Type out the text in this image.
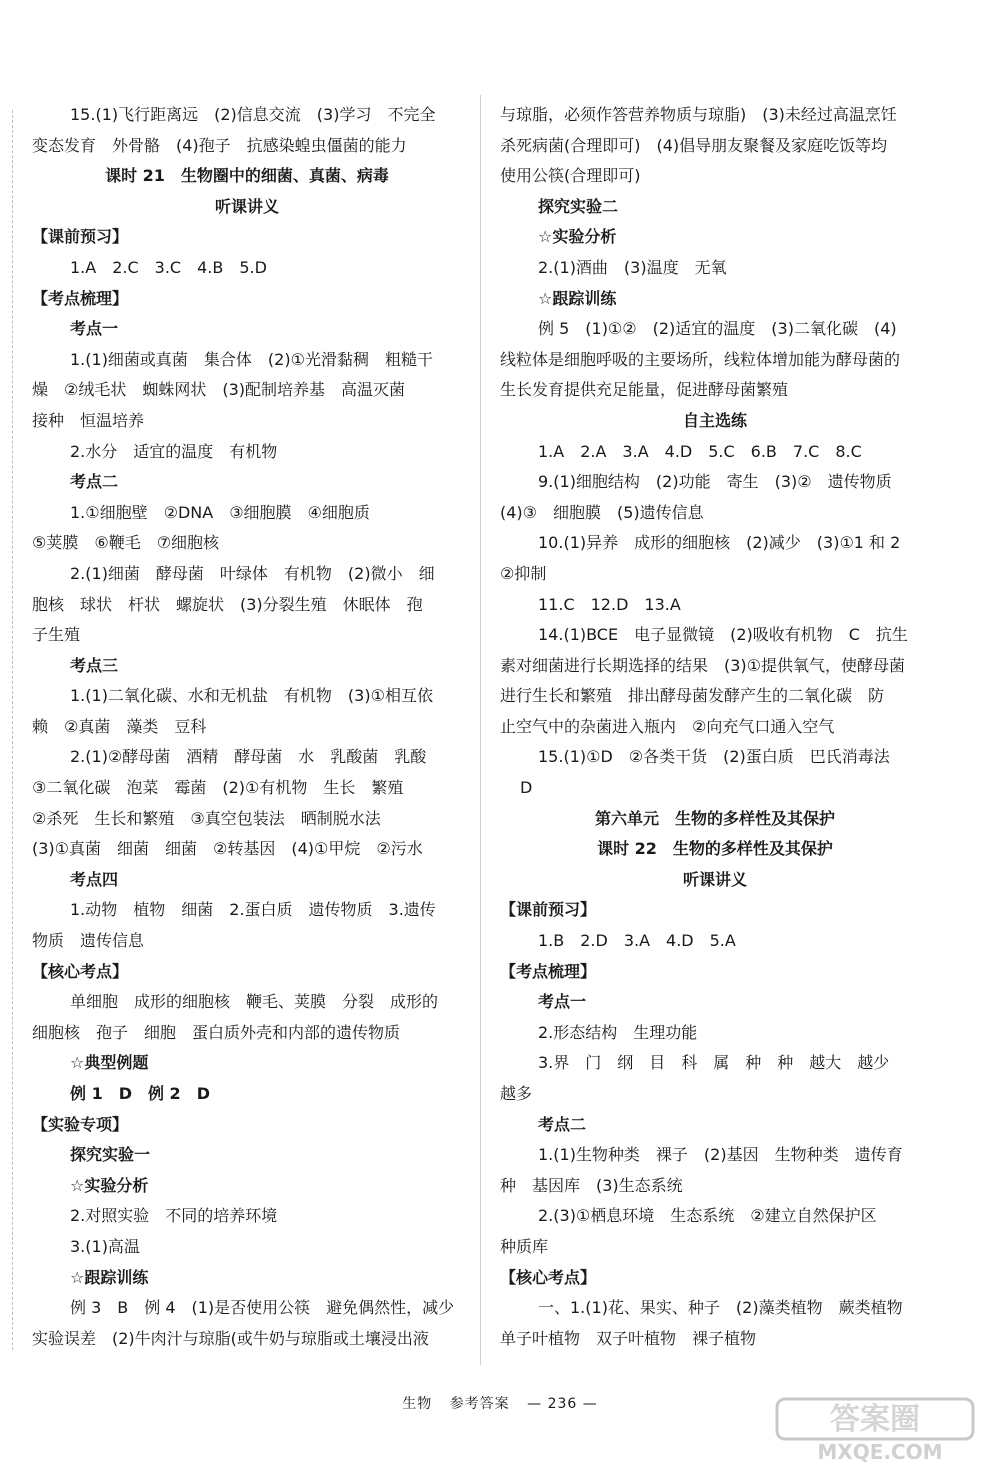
15.(1)飞行距离远　(2)信息交流　(3)学习　不完全
变态发育　外骨骼　(4)孢子　抗感染蝗虫僵菌的能力
课时 21　生物圈中的细菌、真菌、病毒
听课讲义
【课前预习】
1.A　2.C　3.C　4.B　5.D
【考点梳理】
考点一
1.(1)细菌或真菌　集合体　(2)①光滑黏稠　粗糙干
燥　②绒毛状　蜘蛛网状　(3)配制培养基　高温灭菌
接种　恒温培养
2.水分　适宜的温度　有机物
考点二
1.①细胞壁　②DNA　③细胞膜　④细胞质
⑤荚膜　⑥鞭毛　⑦细胞核
2.(1)细菌　酵母菌　叶绿体　有机物　(2)微小　细
胞核　球状　杆状　螺旋状　(3)分裂生殖　休眠体　孢
子生殖
考点三
1.(1)二氧化碳、水和无机盐　有机物　(3)①相互依
赖　②真菌　藻类　豆科
2.(1)②酵母菌　酒精　酵母菌　水　乳酸菌　乳酸
③二氧化碳　泡菜　霉菌　(2)①有机物　生长　繁殖
②杀死　生长和繁殖　③真空包装法　晒制脱水法
(3)①真菌　细菌　细菌　②转基因　(4)①甲烷　②污水
考点四
1.动物　植物　细菌　2.蛋白质　遗传物质　3.遗传
物质　遗传信息
【核心考点】
单细胞　成形的细胞核　鞭毛、荚膜　分裂　成形的
细胞核　孢子　细胞　蛋白质外壳和内部的遗传物质
☆典型例题
例 1　D　例 2　D
【实验专项】
探究实验一
☆实验分析
2.对照实验　不同的培养环境
3.(1)高温
☆跟踪训练
例 3　B　例 4　(1)是否使用公筷　避免偶然性，减少
实验误差　(2)牛肉汁与琼脂(或牛奶与琼脂或土壤浸出液
与琼脂，必须作答营养物质与琼脂)　(3)未经过高温烹饪
杀死病菌(合理即可)　(4)倡导朋友聚餐及家庭吃饭等均
使用公筷(合理即可)
探究实验二
☆实验分析
2.(1)酒曲　(3)温度　无氧
☆跟踪训练
例 5　(1)①②　(2)适宜的温度　(3)二氧化碳　(4)
线粒体是细胞呼吸的主要场所，线粒体增加能为酵母菌的
生长发育提供充足能量，促进酵母菌繁殖
自主选练
1.A　2.A　3.A　4.D　5.C　6.B　7.C　8.C
9.(1)细胞结构　(2)功能　寄生　(3)②　遗传物质
(4)③　细胞膜　(5)遗传信息
10.(1)异养　成形的细胞核　(2)减少　(3)①1 和 2
②抑制
11.C　12.D　13.A
14.(1)BCE　电子显微镜　(2)吸收有机物　C　抗生
素对细菌进行长期选择的结果　(3)①提供氧气，使酵母菌
进行生长和繁殖　排出酵母菌发酵产生的二氧化碳　防
止空气中的杂菌进入瓶内　②向充气口通入空气
15.(1)①D　②各类干货　(2)蛋白质　巴氏消毒法
D
第六单元　生物的多样性及其保护
课时 22　生物的多样性及其保护
听课讲义
【课前预习】
1.B　2.D　3.A　4.D　5.A
【考点梳理】
考点一
2.形态结构　生理功能
3.界　门　纲　目　科　属　种　种　越大　越少
越多
考点二
1.(1)生物种类　裸子　(2)基因　生物种类　遗传育
种　基因库　(3)生态系统
2.(3)①栖息环境　生态系统　②建立自然保护区
种质库
【核心考点】
一、1.(1)花、果实、种子　(2)藻类植物　蕨类植物
单子叶植物　双子叶植物　裸子植物
生物 参考答案 — 236 —	答案圈
MXQE.COM
